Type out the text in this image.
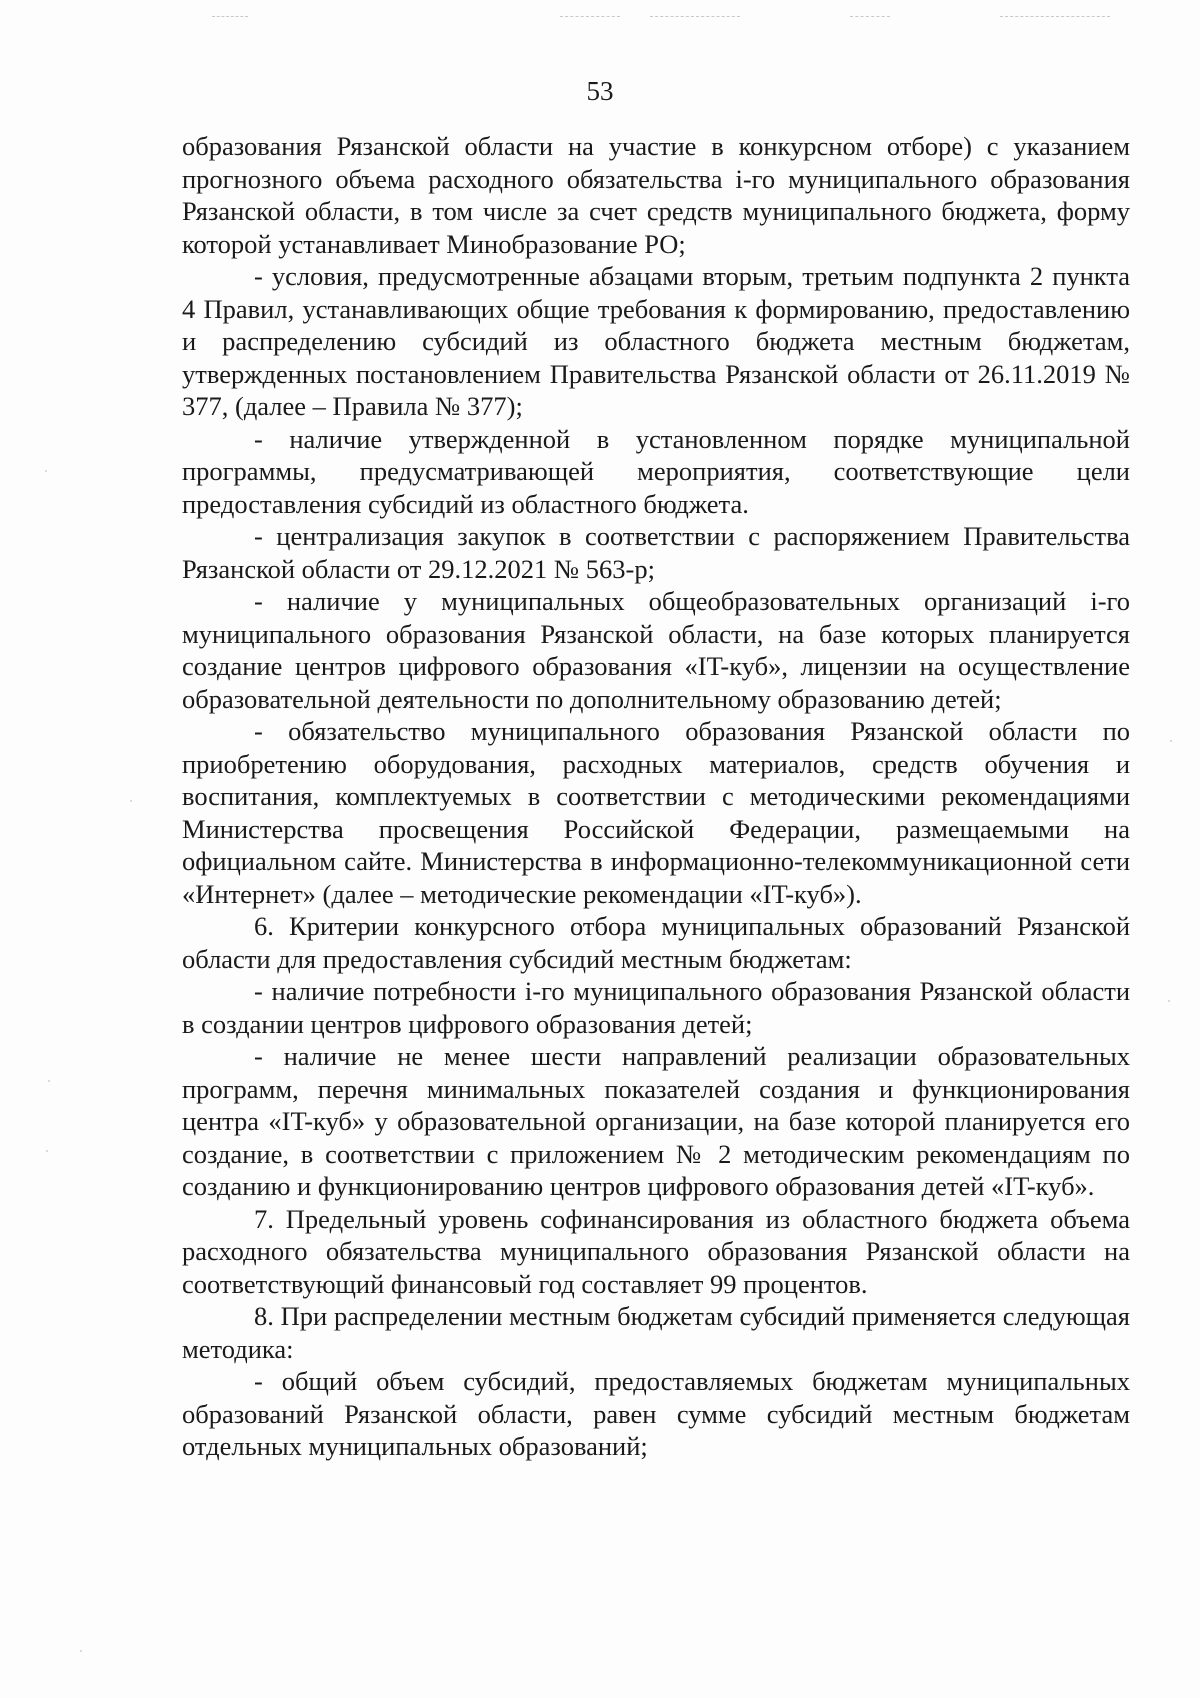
53

образования Рязанской области на участие в конкурсном отборе) с указанием прогнозного объема расходного обязательства i-го муниципального образования Рязанской области, в том числе за счет средств муниципального бюджета, форму которой устанавливает Минобразование РО;

- условия, предусмотренные абзацами вторым, третьим подпункта 2 пункта 4 Правил, устанавливающих общие требования к формированию, предоставлению и распределению субсидий из областного бюджета местным бюджетам, утвержденных постановлением Правительства Рязанской области от 26.11.2019 № 377, (далее – Правила № 377);

- наличие утвержденной в установленном порядке муниципальной программы, предусматривающей мероприятия, соответствующие цели предоставления субсидий из областного бюджета.

- централизация закупок в соответствии с распоряжением Правительства Рязанской области от 29.12.2021 № 563-р;

- наличие у муниципальных общеобразовательных организаций i-го муниципального образования Рязанской области, на базе которых планируется создание центров цифрового образования «IT-куб», лицензии на осуществление образовательной деятельности по дополнительному образованию детей;

- обязательство муниципального образования Рязанской области по приобретению оборудования, расходных материалов, средств обучения и воспитания, комплектуемых в соответствии с методическими рекомендациями Министерства просвещения Российской Федерации, размещаемыми на официальном сайте. Министерства в информационно-телекоммуникационной сети «Интернет» (далее – методические рекомендации «IT-куб»).

6. Критерии конкурсного отбора муниципальных образований Рязанской области для предоставления субсидий местным бюджетам:

- наличие потребности i-го муниципального образования Рязанской области в создании центров цифрового образования детей;

- наличие не менее шести направлений реализации образовательных программ, перечня минимальных показателей создания и функционирования центра «IT-куб» у образовательной организации, на базе которой планируется его создание, в соответствии с приложением № 2 методическим рекомендациям по созданию и функционированию центров цифрового образования детей «IT-куб».

7. Предельный уровень софинансирования из областного бюджета объема расходного обязательства муниципального образования Рязанской области на соответствующий финансовый год составляет 99 процентов.

8. При распределении местным бюджетам субсидий применяется следующая методика:

- общий объем субсидий, предоставляемых бюджетам муниципальных образований Рязанской области, равен сумме субсидий местным бюджетам отдельных муниципальных образований;
